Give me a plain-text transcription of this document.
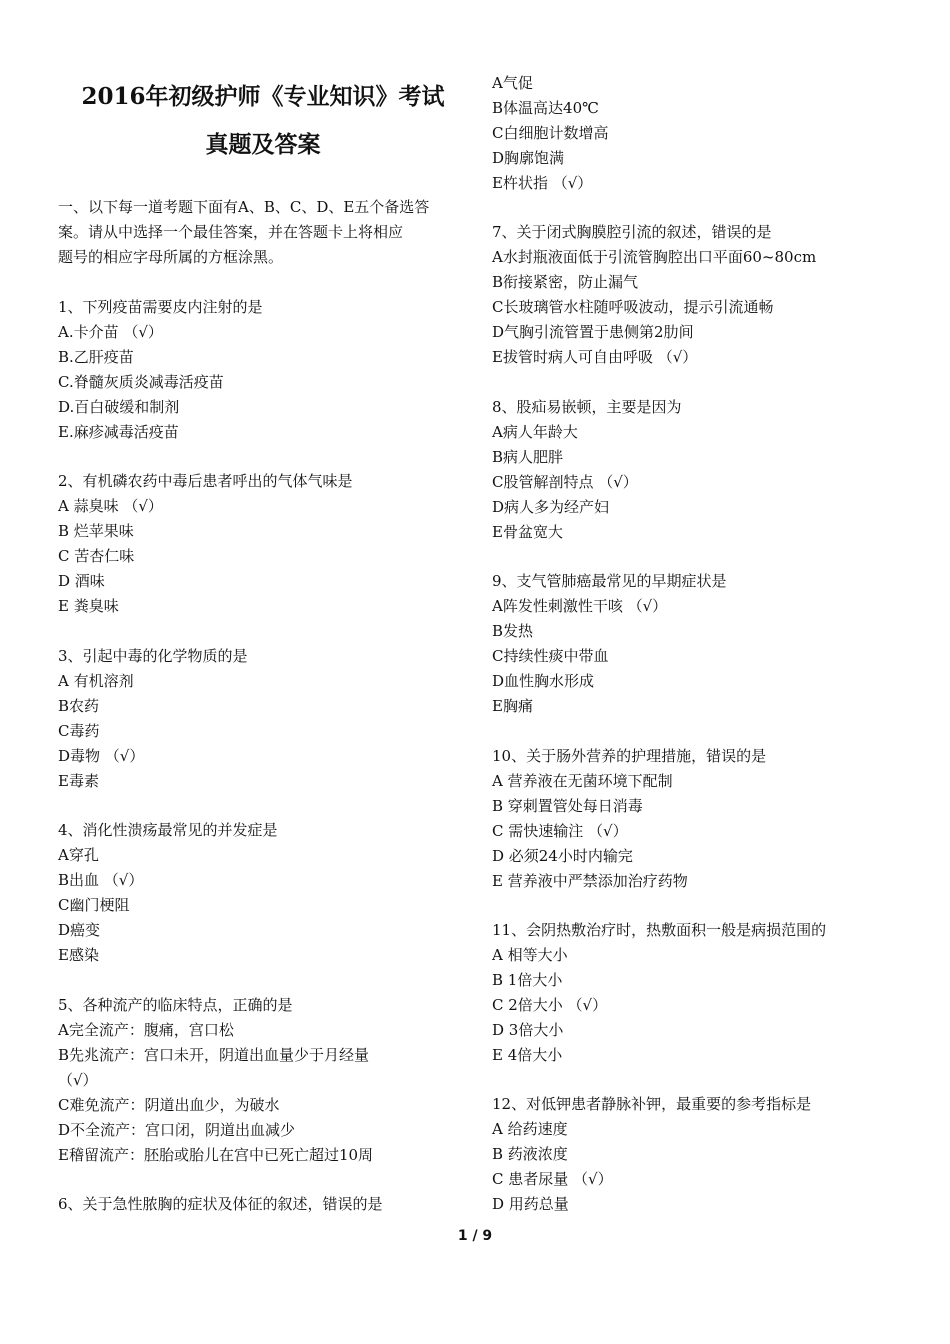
2016年初级护师《专业知识》考试
真题及答案
一、以下每一道考题下面有A、B、C、D、E五个备选答
案。请从中选择一个最佳答案，并在答题卡上将相应
题号的相应字母所属的方框涂黑。
1、下列疫苗需要皮内注射的是
A.卡介苗 （√）
B.乙肝疫苗
C.脊髓灰质炎减毒活疫苗
D.百白破缓和制剂
E.麻疹减毒活疫苗
2、有机磷农药中毒后患者呼出的气体气味是
A 蒜臭味 （√）
B 烂苹果味
C 苦杏仁味
D 酒味
E 粪臭味
3、引起中毒的化学物质的是
A 有机溶剂
B农药
C毒药
D毒物 （√）
E毒素
4、消化性溃疡最常见的并发症是
A穿孔
B出血 （√）
C幽门梗阻
D癌变
E感染
5、各种流产的临床特点，正确的是
A完全流产：腹痛，宫口松
B先兆流产：宫口未开，阴道出血量少于月经量
（√）
C难免流产：阴道出血少，为破水
D不全流产：宫口闭，阴道出血减少
E稽留流产：胚胎或胎儿在宫中已死亡超过10周
6、关于急性脓胸的症状及体征的叙述，错误的是
A气促
B体温高达40℃
C白细胞计数增高
D胸廓饱满
E杵状指 （√）
7、关于闭式胸膜腔引流的叙述，错误的是
A水封瓶液面低于引流管胸腔出口平面60~80cm
B衔接紧密，防止漏气
C长玻璃管水柱随呼吸波动，提示引流通畅
D气胸引流管置于患侧第2肋间
E拔管时病人可自由呼吸 （√）
8、股疝易嵌顿，主要是因为
A病人年龄大
B病人肥胖
C股管解剖特点 （√）
D病人多为经产妇
E骨盆宽大
9、支气管肺癌最常见的早期症状是
A阵发性刺激性干咳 （√）
B发热
C持续性痰中带血
D血性胸水形成
E胸痛
10、关于肠外营养的护理措施，错误的是
A 营养液在无菌环境下配制
B 穿刺置管处每日消毒
C 需快速输注 （√）
D 必须24小时内输完
E 营养液中严禁添加治疗药物
11、会阴热敷治疗时，热敷面积一般是病损范围的
A 相等大小
B 1倍大小
C 2倍大小 （√）
D 3倍大小
E 4倍大小
12、对低钾患者静脉补钾，最重要的参考指标是
A 给药速度
B 药液浓度
C 患者尿量 （√）
D 用药总量
1 / 9
